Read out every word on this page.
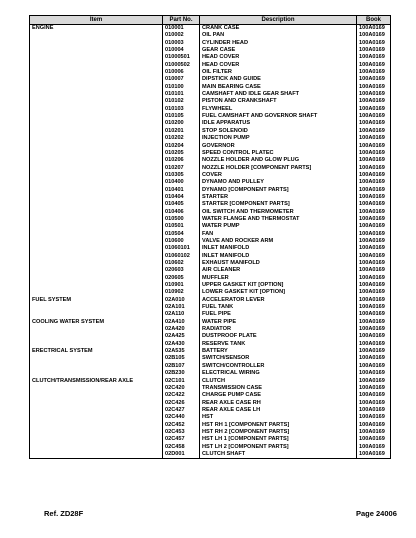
Item	Part No.	Description	Book
ENGINE	010001	CRANK CASE	100A0169
	010002	OIL PAN	100A0169
	010003	CYLINDER HEAD	100A0169
	010004	GEAR CASE	100A0169
	01000501	HEAD COVER	100A0169
	01000502	HEAD COVER	100A0169
	010006	OIL FILTER	100A0169
	010007	DIPSTICK AND GUIDE	100A0169
	010100	MAIN BEARING CASE	100A0169
	010101	CAMSHAFT AND IDLE GEAR SHAFT	100A0169
	010102	PISTON AND CRANKSHAFT	100A0169
	010103	FLYWHEEL	100A0169
	010105	FUEL CAMSHAFT AND GOVERNOR SHAFT	100A0169
	010200	IDLE APPARATUS	100A0169
	010201	STOP SOLENOID	100A0169
	010202	INJECTION PUMP	100A0169
	010204	GOVERNOR	100A0169
	010205	SPEED CONTROL PLATEC	100A0169
	010206	NOZZLE HOLDER AND GLOW PLUG	100A0169
	010207	NOZZLE HOLDER [COMPONENT PARTS]	100A0169
	010305	COVER	100A0169
	010400	DYNAMO AND PULLEY	100A0169
	010401	DYNAMO [COMPONENT PARTS]	100A0169
	010404	STARTER	100A0169
	010405	STARTER [COMPONENT PARTS]	100A0169
	010406	OIL SWITCH AND THERMOMETER	100A0169
	010500	WATER FLANGE AND THERMOSTAT	100A0169
	010501	WATER PUMP	100A0169
	010504	FAN	100A0169
	010600	VALVE AND ROCKER ARM	100A0169
	01060101	INLET MANIFOLD	100A0169
	01060102	INLET MANIFOLD	100A0169
	010602	EXHAUST MANIFOLD	100A0169
	020603	AIR CLEANER	100A0169
	020605	MUFFLER	100A0169
	010901	UPPER GASKET KIT [OPTION]	100A0169
	010902	LOWER GASKET KIT [OPTION]	100A0169
FUEL SYSTEM	02A010	ACCELERATOR LEVER	100A0169
	02A101	FUEL TANK	100A0169
	02A110	FUEL PIPE	100A0169
COOLING WATER SYSTEM	02A410	WATER PIPE	100A0169
	02A420	RADIATOR	100A0169
	02A425	DUSTPROOF PLATE	100A0169
	02A430	RESERVE TANK	100A0169
ERECTRICAL SYSTEM	02A535	BATTERY	100A0169
	02B105	SWITCH/SENSOR	100A0169
	02B107	SWITCH/CONTROLLER	100A0169
	02B230	ELECTRICAL WIRING	100A0169
CLUTCH/TRANSMISSION/REAR AXLE	02C101	CLUTCH	100A0169
	02C420	TRANSMISSION CASE	100A0169
	02C422	CHARGE PUMP CASE	100A0169
	02C426	REAR AXLE CASE RH	100A0169
	02C427	REAR AXLE CASE LH	100A0169
	02C440	HST	100A0169
	02C452	HST RH 1 [COMPONENT PARTS]	100A0169
	02C453	HST RH 2 [COMPONENT PARTS]	100A0169
	02C457	HST LH 1 [COMPONENT PARTS]	100A0169
	02C458	HST LH 2 [COMPONENT PARTS]	100A0169
	02D001	CLUTCH SHAFT	100A0169
Ref. ZD28F	Page 24006
